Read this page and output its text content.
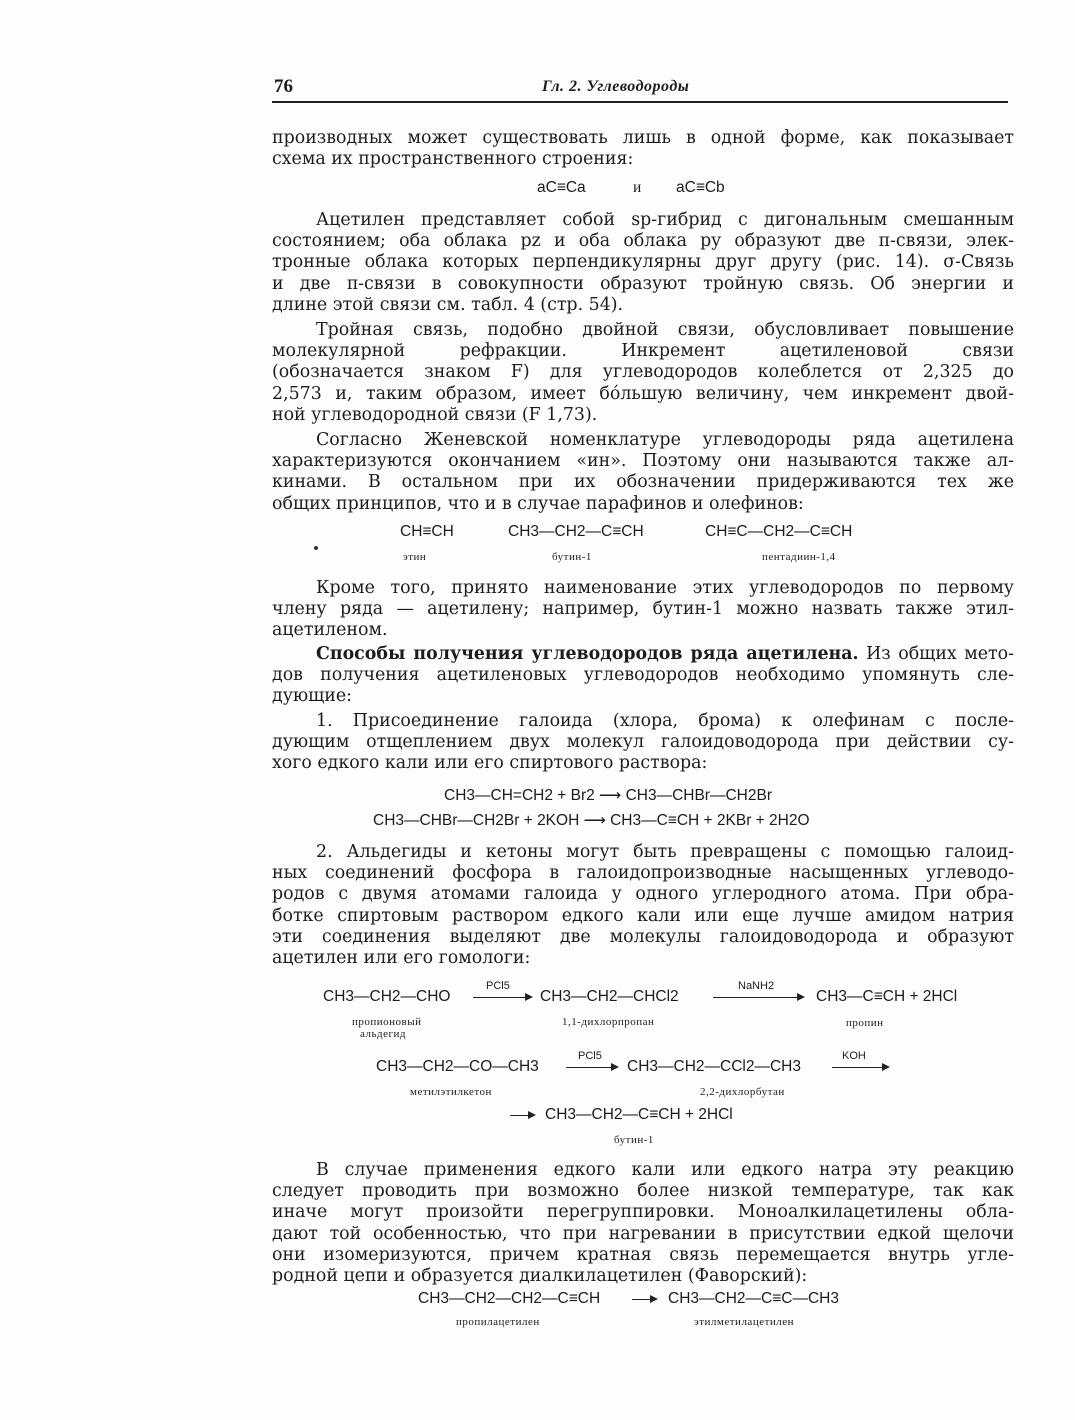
76	Гл. 2. Углеводороды
производных может существовать лишь в одной форме, как показывает
схема их пространственного строения:
aC≡Ca	и aC≡Cb
Ацетилен представляет собой sp-гибрид с дигональным смешанным
состоянием; оба облака pz и оба облака py образуют две π-связи, элек-
тронные облака которых перпендикулярны друг другу (рис. 14). σ-Связь
и две π-связи в совокупности образуют тройную связь. Об энергии и
длине этой связи см. табл. 4 (стр. 54).
Тройная связь, подобно двойной связи, обусловливает повышение
молекулярной рефракции. Инкремент ацетиленовой связи
(обозначается знаком F) для углеводородов колеблется от 2,325 до
2,573 и, таким образом, имеет бо́льшую величину, чем инкремент двой-
ной углеводородной связи (F 1,73).
Согласно Женевской номенклатуре углеводороды ряда ацетилена
характеризуются окончанием «ин». Поэтому они называются также ал-
кинами. В остальном при их обозначении придерживаются тех же
общих принципов, что и в случае парафинов и олефинов:
CH≡CH	CH3—CH2—C≡CH	CH≡C—CH2—C≡CH
этин	бутин-1	пентадиин-1,4
Кроме того, принято наименование этих углеводородов по первому
члену ряда — ацетилену; например, бутин-1 можно назвать также этил-
ацетиленом.
Способы получения углеводородов ряда ацетилена. Из общих мето-
дов получения ацетиленовых углеводородов необходимо упомянуть сле-
дующие:
1. Присоединение галоида (хлора, брома) к олефинам с после-
дующим отщеплением двух молекул галоидоводорода при действии су-
хого едкого кали или его спиртового раствора:
CH3—CH=CH2 + Br2 ⟶ CH3—CHBr—CH2Br
CH3—CHBr—CH2Br + 2KOH ⟶ CH3—C≡CH + 2KBr + 2H2O
2. Альдегиды и кетоны могут быть превращены с помощью галоид-
ных соединений фосфора в галоидопроизводные насыщенных углеводо-
родов с двумя атомами галоида у одного углеродного атома. При обра-
ботке спиртовым раствором едкого кали или еще лучше амидом натрия
эти соединения выделяют две молекулы галоидоводорода и образуют
ацетилен или его гомологи:
CH3—CH2—CHO
PCl5
CH3—CH2—CHCl2
NaNH2
CH3—C≡CH + 2HCl
пропионовый
альдегид
1,1-дихлорпропан	пропин
CH3—CH2—CO—CH3
PCl5
CH3—CH2—CCl2—CH3
KOH
метилэтилкетон	2,2-дихлорбутан
CH3—CH2—C≡CH + 2HCl
бутин-1
В случае применения едкого кали или едкого натра эту реакцию
следует проводить при возможно более низкой температуре, так как
иначе могут произойти перегруппировки. Моноалкилацетилены обла-
дают той особенностью, что при нагревании в присутствии едкой щелочи
они изомеризуются, причем кратная связь перемещается внутрь угле-
родной цепи и образуется диалкилацетилен (Фаворский):
CH3—CH2—CH2—C≡CH	CH3—CH2—C≡C—CH3
пропилацетилен	этилметилацетилен
